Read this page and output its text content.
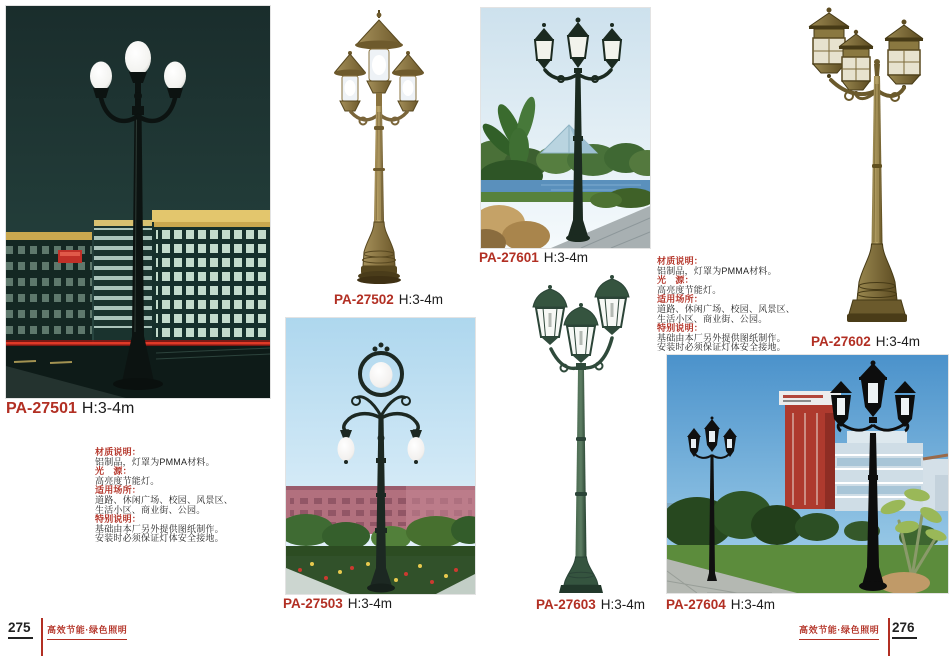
PA-27501 H:3-4m
PA-27502 H:3-4m
PA-27503 H:3-4m
材质说明：
铝制品，灯罩为PMMA材料。
光　源：
高亮度节能灯。
适用场所：
道路、休闲广场、校园、风景区、
生活小区、商业街、公园。
特别说明：
基础由本厂另外提供图纸制作。
安装时必须保证灯体安全接地。
PA-27601 H:3-4m	材质说明：
铝制品，灯罩为PMMA材料。
光　源：
高亮度节能灯。
适用场所：
道路、休闲广场、校园、风景区、
生活小区、商业街、公园。
特别说明：
基础由本厂另外提供图纸制作。
安装时必须保证灯体安全接地。	PA-27602 H:3-4m
PA-27603 H:3-4m PA-27604 H:3-4m
275 高效节能·绿色照明	高效节能·绿色照明 276
